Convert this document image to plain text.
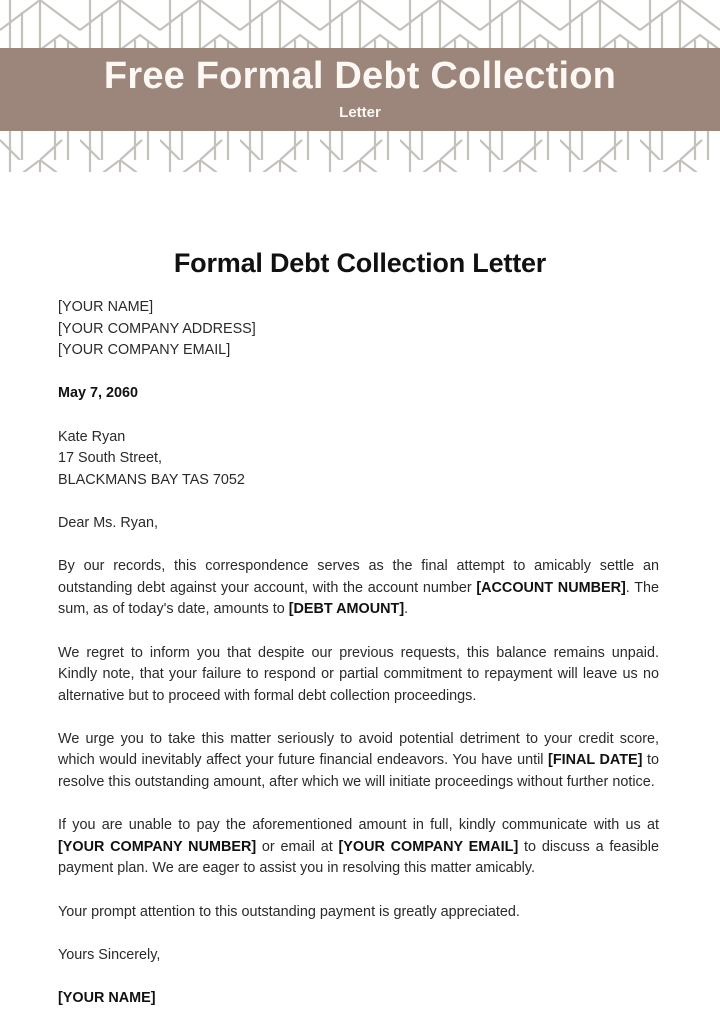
Free Formal Debt Collection
Letter
Formal Debt Collection Letter
[YOUR NAME]
[YOUR COMPANY ADDRESS]
[YOUR COMPANY EMAIL]
May 7, 2060
Kate Ryan
17 South Street,
BLACKMANS BAY TAS 7052
Dear Ms. Ryan,

By our records, this correspondence serves as the final attempt to amicably settle an outstanding debt against your account, with the account number [ACCOUNT NUMBER]. The sum, as of today's date, amounts to [DEBT AMOUNT].

We regret to inform you that despite our previous requests, this balance remains unpaid. Kindly note, that your failure to respond or partial commitment to repayment will leave us no alternative but to proceed with formal debt collection proceedings.

We urge you to take this matter seriously to avoid potential detriment to your credit score, which would inevitably affect your future financial endeavors. You have until [FINAL DATE] to resolve this outstanding amount, after which we will initiate proceedings without further notice.

If you are unable to pay the aforementioned amount in full, kindly communicate with us at [YOUR COMPANY NUMBER] or email at [YOUR COMPANY EMAIL] to discuss a feasible payment plan. We are eager to assist you in resolving this matter amicably.

Your prompt attention to this outstanding payment is greatly appreciated.

Yours Sincerely,
[YOUR NAME]
